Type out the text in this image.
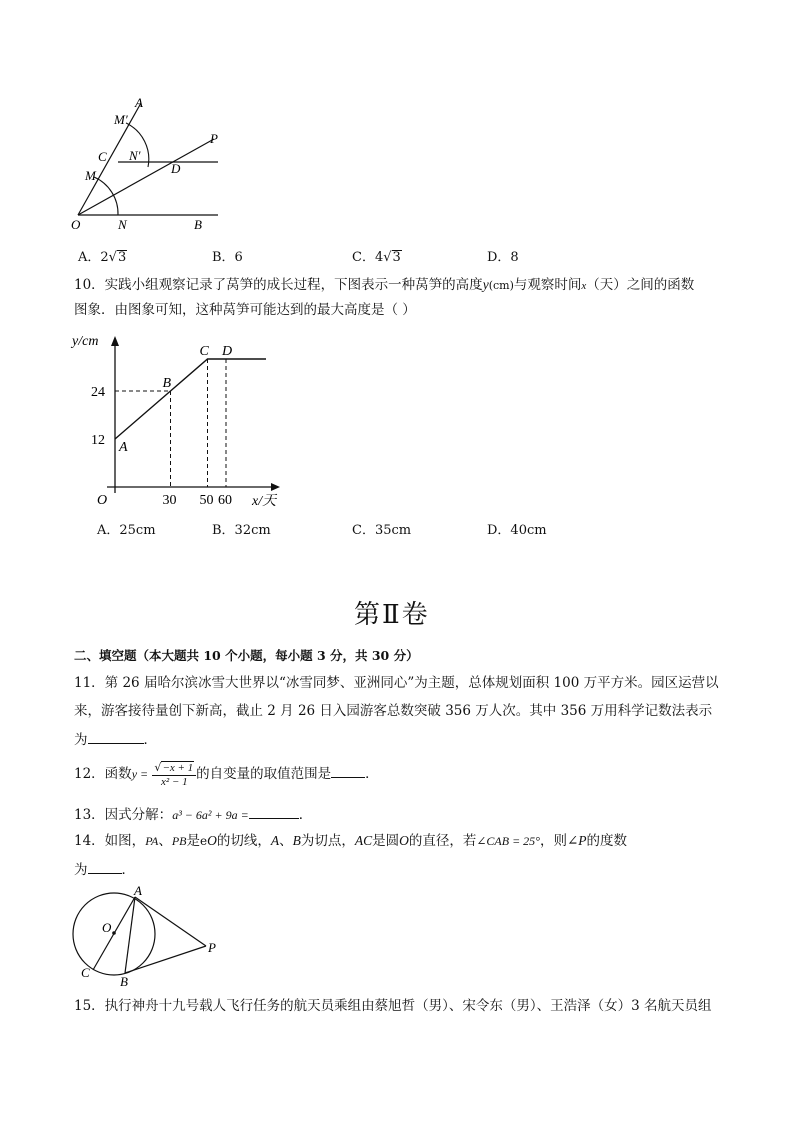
A
M′
P
C N′
D
M
O	N	B
A．2√3	B．6	C．4√3	D．8
10．实践小组观察记录了莴笋的成长过程，下图表示一种莴笋的高度y(cm)与观察时间x（天）之间的函数
图象．由图象可知，这种莴笋可能达到的最大高度是（ ）
A
B
C D
30 50 60
12
24
O	x/天
y/cm
A．25cm	B．32cm	C．35cm	D．40cm
第Ⅱ卷
二、填空题（本大题共 10 个小题，每小题 3 分，共 30 分）
11．第 26 届哈尔滨冰雪大世界以“冰雪同梦、亚洲同心”为主题，总体规划面积 100 万平方米。园区运营以
来，游客接待量创下新高，截止 2 月 26 日入园游客总数突破 356 万人次。其中 356 万用科学记数法表示
为	．
12．函数$y = \frac{√-x + 1}{\text{x² − 1}}$ 的自变量的取值范围是	．
13．因式分解：a³ − 6a² + 9a =	．
14．如图，PA、PB是eO的切线，A、B为切点，AC是圆O的直径，若∠CAB = 25°，则∠P的度数
为	．
A
O
P
C
B
15．执行神舟十九号载人飞行任务的航天员乘组由蔡旭哲（男）、宋令东（男）、王浩泽（女）3 名航天员组
